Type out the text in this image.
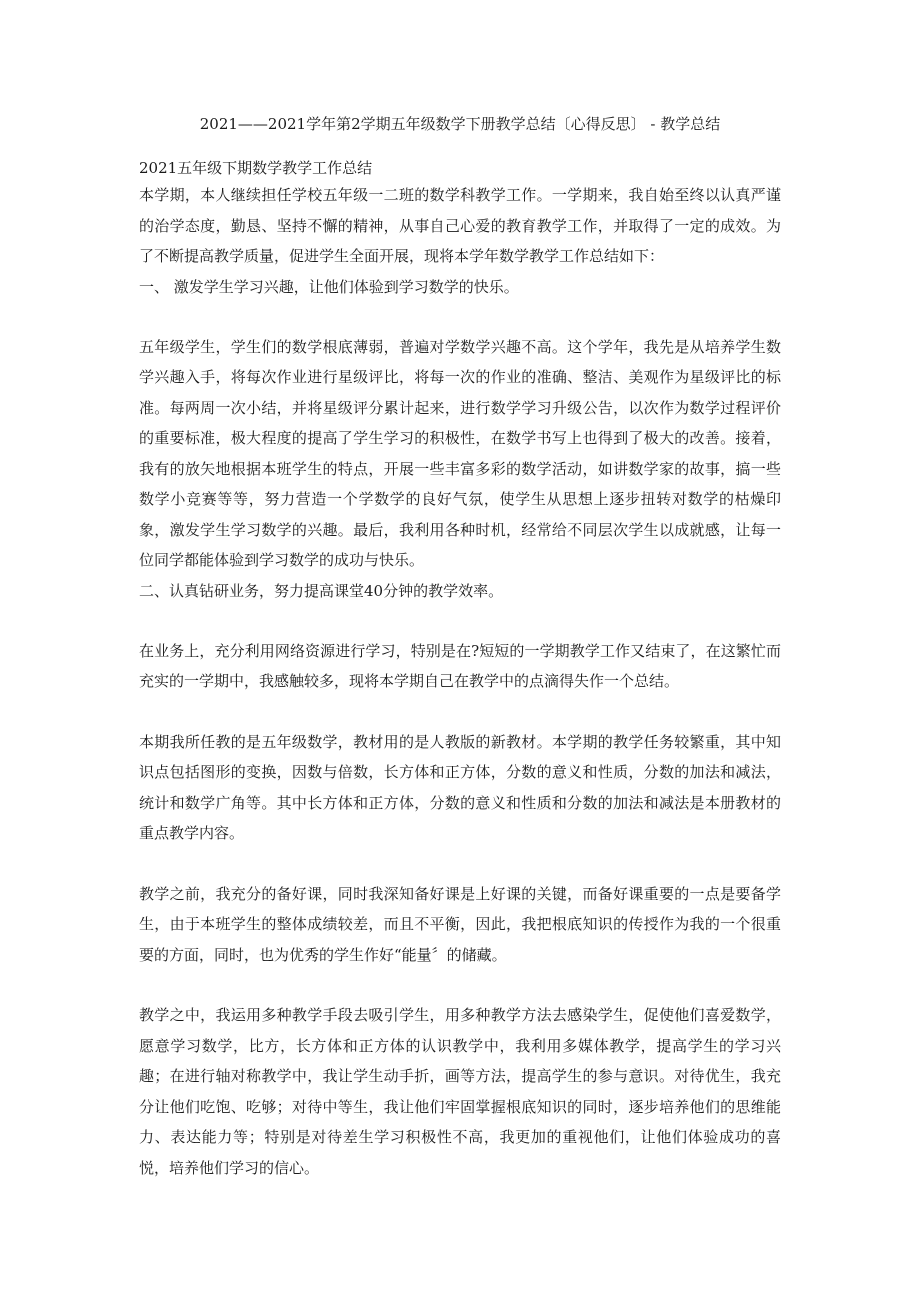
2021——2021学年第2学期五年级数学下册教学总结〔心得反思〕 - 教学总结

2021五年级下期数学教学工作总结

本学期，本人继续担任学校五年级一二班的数学科教学工作。一学期来，我自始至终以认真严谨的治学态度，勤恳、坚持不懈的精神，从事自己心爱的教育教学工作，并取得了一定的成效。为了不断提高教学质量，促进学生全面开展，现将本学年数学教学工作总结如下：

一、 激发学生学习兴趣，让他们体验到学习数学的快乐。

五年级学生，学生们的数学根底薄弱，普遍对学数学兴趣不高。这个学年，我先是从培养学生数学兴趣入手，将每次作业进行星级评比，将每一次的作业的准确、整洁、美观作为星级评比的标准。每两周一次小结，并将星级评分累计起来，进行数学学习升级公告，以次作为数学过程评价的重要标准，极大程度的提高了学生学习的积极性，在数学书写上也得到了极大的改善。接着，我有的放矢地根据本班学生的特点，开展一些丰富多彩的数学活动，如讲数学家的故事，搞一些数学小竞赛等等，努力营造一个学数学的良好气氛，使学生从思想上逐步扭转对数学的枯燥印象，激发学生学习数学的兴趣。最后，我利用各种时机，经常给不同层次学生以成就感，让每一位同学都能体验到学习数学的成功与快乐。

二、认真钻研业务，努力提高课堂40分钟的教学效率。

在业务上，充分利用网络资源进行学习，特别是在?短短的一学期教学工作又结束了，在这繁忙而充实的一学期中，我感触较多，现将本学期自己在教学中的点滴得失作一个总结。

本期我所任教的是五年级数学，教材用的是人教版的新教材。本学期的教学任务较繁重，其中知识点包括图形的变换，因数与倍数，长方体和正方体，分数的意义和性质，分数的加法和减法，统计和数学广角等。其中长方体和正方体，分数的意义和性质和分数的加法和减法是本册教材的重点教学内容。

教学之前，我充分的备好课，同时我深知备好课是上好课的关键，而备好课重要的一点是要备学生，由于本班学生的整体成绩较差，而且不平衡，因此，我把根底知识的传授作为我的一个很重要的方面，同时，也为优秀的学生作好“能量〞的储藏。

教学之中，我运用多种教学手段去吸引学生，用多种教学方法去感染学生，促使他们喜爱数学，愿意学习数学，比方，长方体和正方体的认识教学中，我利用多媒体教学，提高学生的学习兴趣；在进行轴对称教学中，我让学生动手折，画等方法，提高学生的参与意识。对待优生，我充分让他们吃饱、吃够；对待中等生，我让他们牢固掌握根底知识的同时，逐步培养他们的思维能力、表达能力等；特别是对待差生学习积极性不高，我更加的重视他们，让他们体验成功的喜悦，培养他们学习的信心。
